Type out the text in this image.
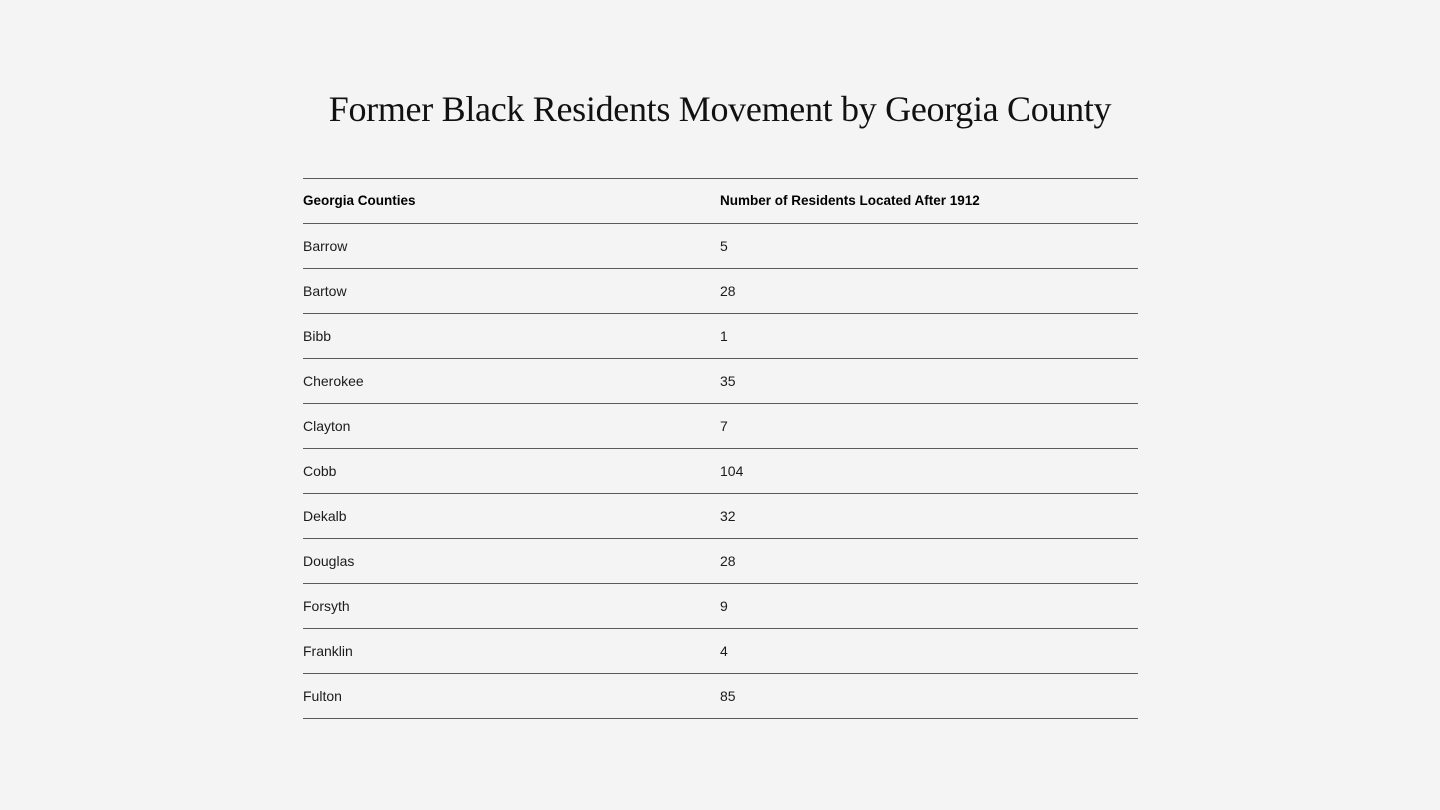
Former Black Residents Movement by Georgia County
Georgia Counties	Number of Residents Located After 1912
Barrow	5
Bartow	28
Bibb	1
Cherokee	35
Clayton	7
Cobb	104
Dekalb	32
Douglas	28
Forsyth	9
Franklin	4
Fulton	85
